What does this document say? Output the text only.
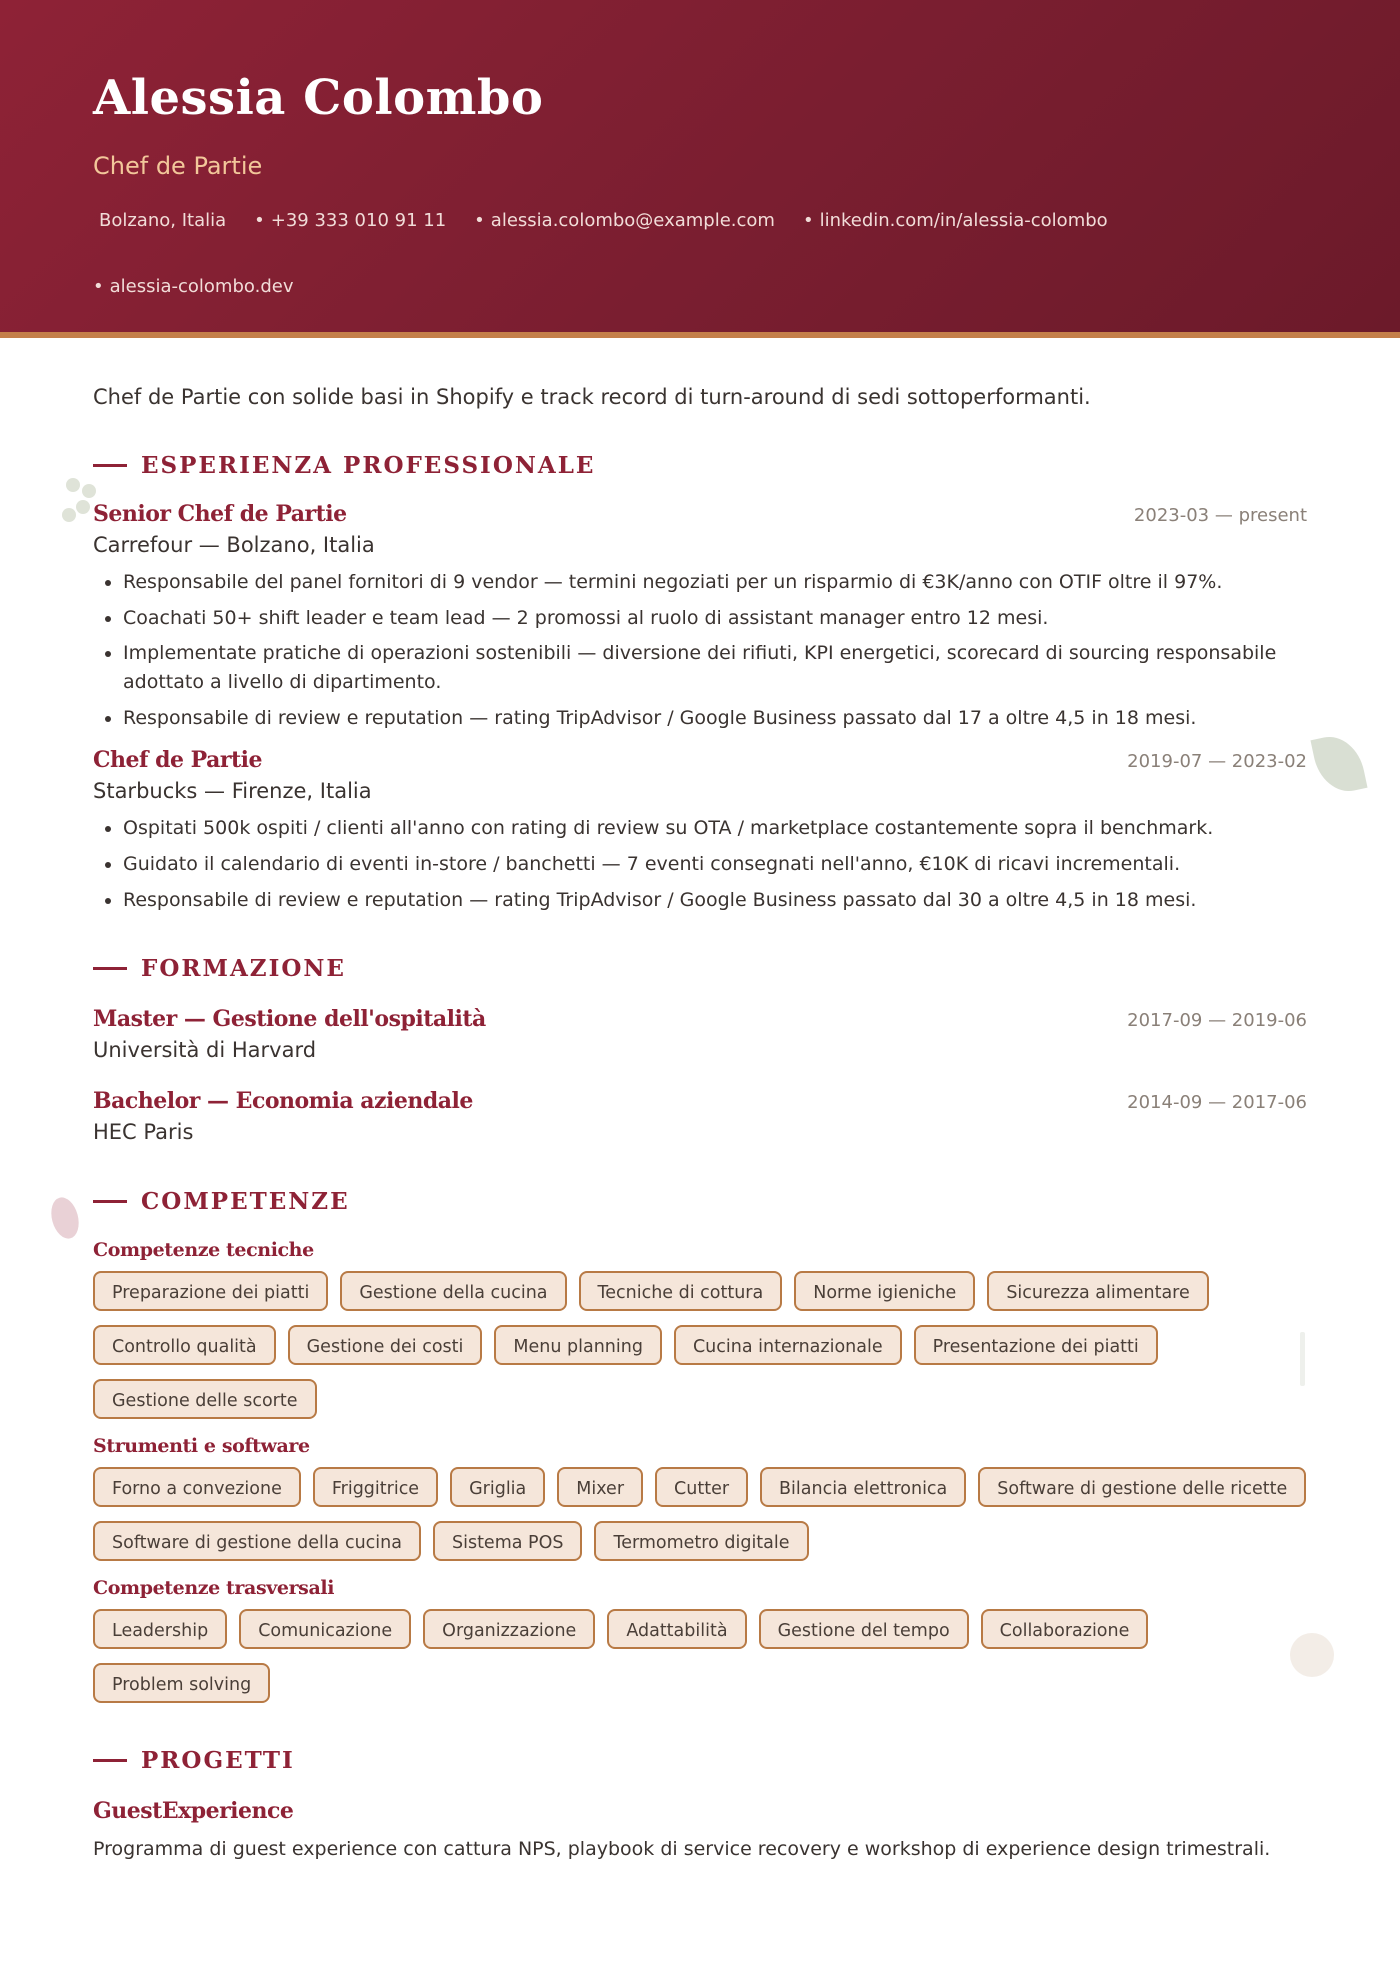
Alessia Colombo
Chef de Partie
Bolzano, Italia • +39 333 010 91 11 • alessia.colombo@example.com • linkedin.com/in/alessia-colombo
• alessia-colombo.dev

Chef de Partie con solide basi in Shopify e track record di turn-around di sedi sottoperformanti.

ESPERIENZA PROFESSIONALE
Senior Chef de Partie	2023-03 — present
Carrefour — Bolzano, Italia
• Responsabile del panel fornitori di 9 vendor — termini negoziati per un risparmio di €3K/anno con OTIF oltre il 97%.
• Coachati 50+ shift leader e team lead — 2 promossi al ruolo di assistant manager entro 12 mesi.
• Implementate pratiche di operazioni sostenibili — diversione dei rifiuti, KPI energetici, scorecard di sourcing responsabile adottato a livello di dipartimento.
• Responsabile di review e reputation — rating TripAdvisor / Google Business passato dal 17 a oltre 4,5 in 18 mesi.
Chef de Partie	2019-07 — 2023-02
Starbucks — Firenze, Italia
• Ospitati 500k ospiti / clienti all'anno con rating di review su OTA / marketplace costantemente sopra il benchmark.
• Guidato il calendario di eventi in-store / banchetti — 7 eventi consegnati nell'anno, €10K di ricavi incrementali.
• Responsabile di review e reputation — rating TripAdvisor / Google Business passato dal 30 a oltre 4,5 in 18 mesi.
FORMAZIONE
Master — Gestione dell'ospitalità	2017-09 — 2019-06
Università di Harvard
Bachelor — Economia aziendale	2014-09 — 2017-06
HEC Paris
COMPETENZE
Competenze tecniche
Preparazione dei piatti	Gestione della cucina	Tecniche di cottura	Norme igieniche	Sicurezza alimentare
Controllo qualità	Gestione dei costi	Menu planning	Cucina internazionale	Presentazione dei piatti
Gestione delle scorte
Strumenti e software
Forno a convezione	Friggitrice	Griglia	Mixer	Cutter	Bilancia elettronica	Software di gestione delle ricette
Software di gestione della cucina	Sistema POS	Termometro digitale
Competenze trasversali
Leadership	Comunicazione	Organizzazione	Adattabilità	Gestione del tempo	Collaborazione
Problem solving
PROGETTI
GuestExperience
Programma di guest experience con cattura NPS, playbook di service recovery e workshop di experience design trimestrali.
